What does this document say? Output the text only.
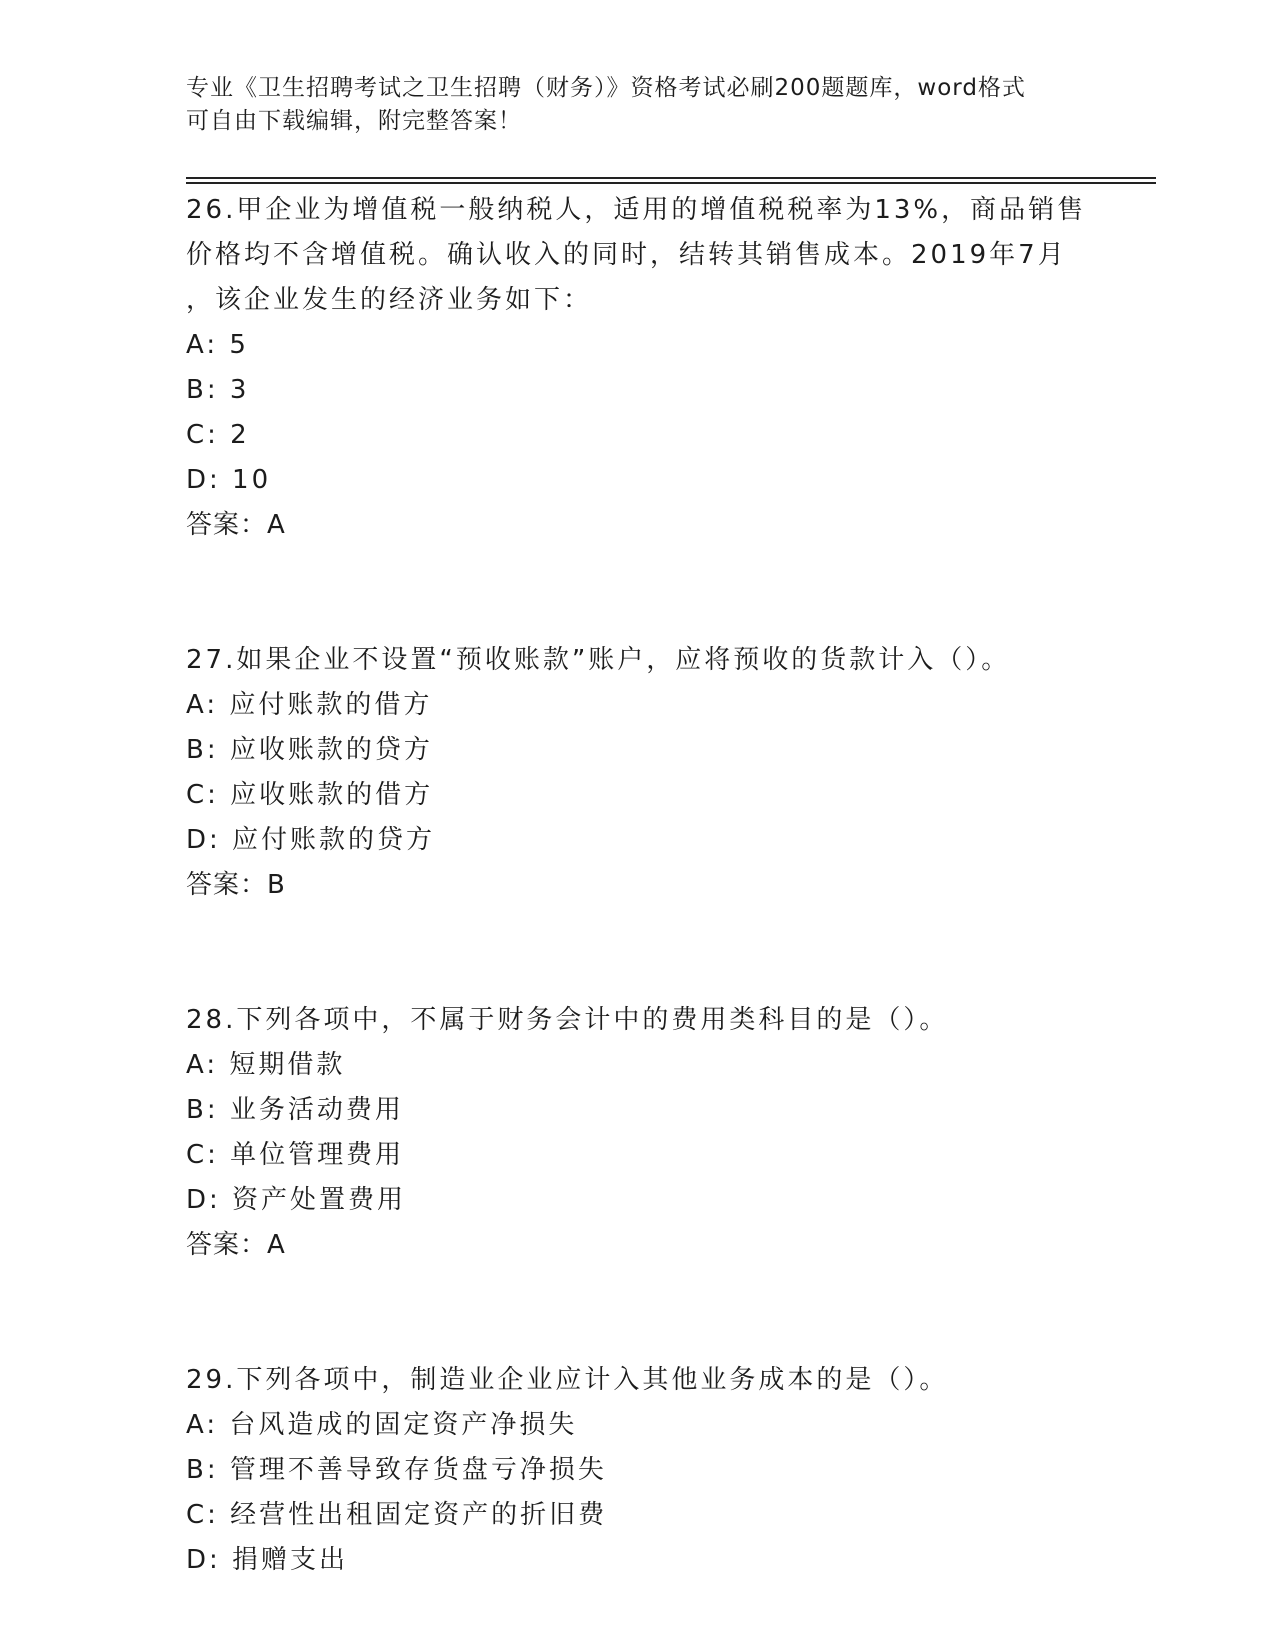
专业《卫生招聘考试之卫生招聘（财务）》资格考试必刷200题题库，word格式
可自由下载编辑，附完整答案！
26.甲企业为增值税一般纳税人，适用的增值税税率为13%，商品销售
价格均不含增值税。确认收入的同时，结转其销售成本。2019年7月
，该企业发生的经济业务如下：
A: 5
B: 3
C: 2
D: 10
答案：A
27.如果企业不设置“预收账款”账户，应将预收的货款计入（）。
A: 应付账款的借方
B: 应收账款的贷方
C: 应收账款的借方
D: 应付账款的贷方
答案：B
28.下列各项中，不属于财务会计中的费用类科目的是（）。
A: 短期借款
B: 业务活动费用
C: 单位管理费用
D: 资产处置费用
答案：A
29.下列各项中，制造业企业应计入其他业务成本的是（）。
A: 台风造成的固定资产净损失
B: 管理不善导致存货盘亏净损失
C: 经营性出租固定资产的折旧费
D: 捐赠支出
